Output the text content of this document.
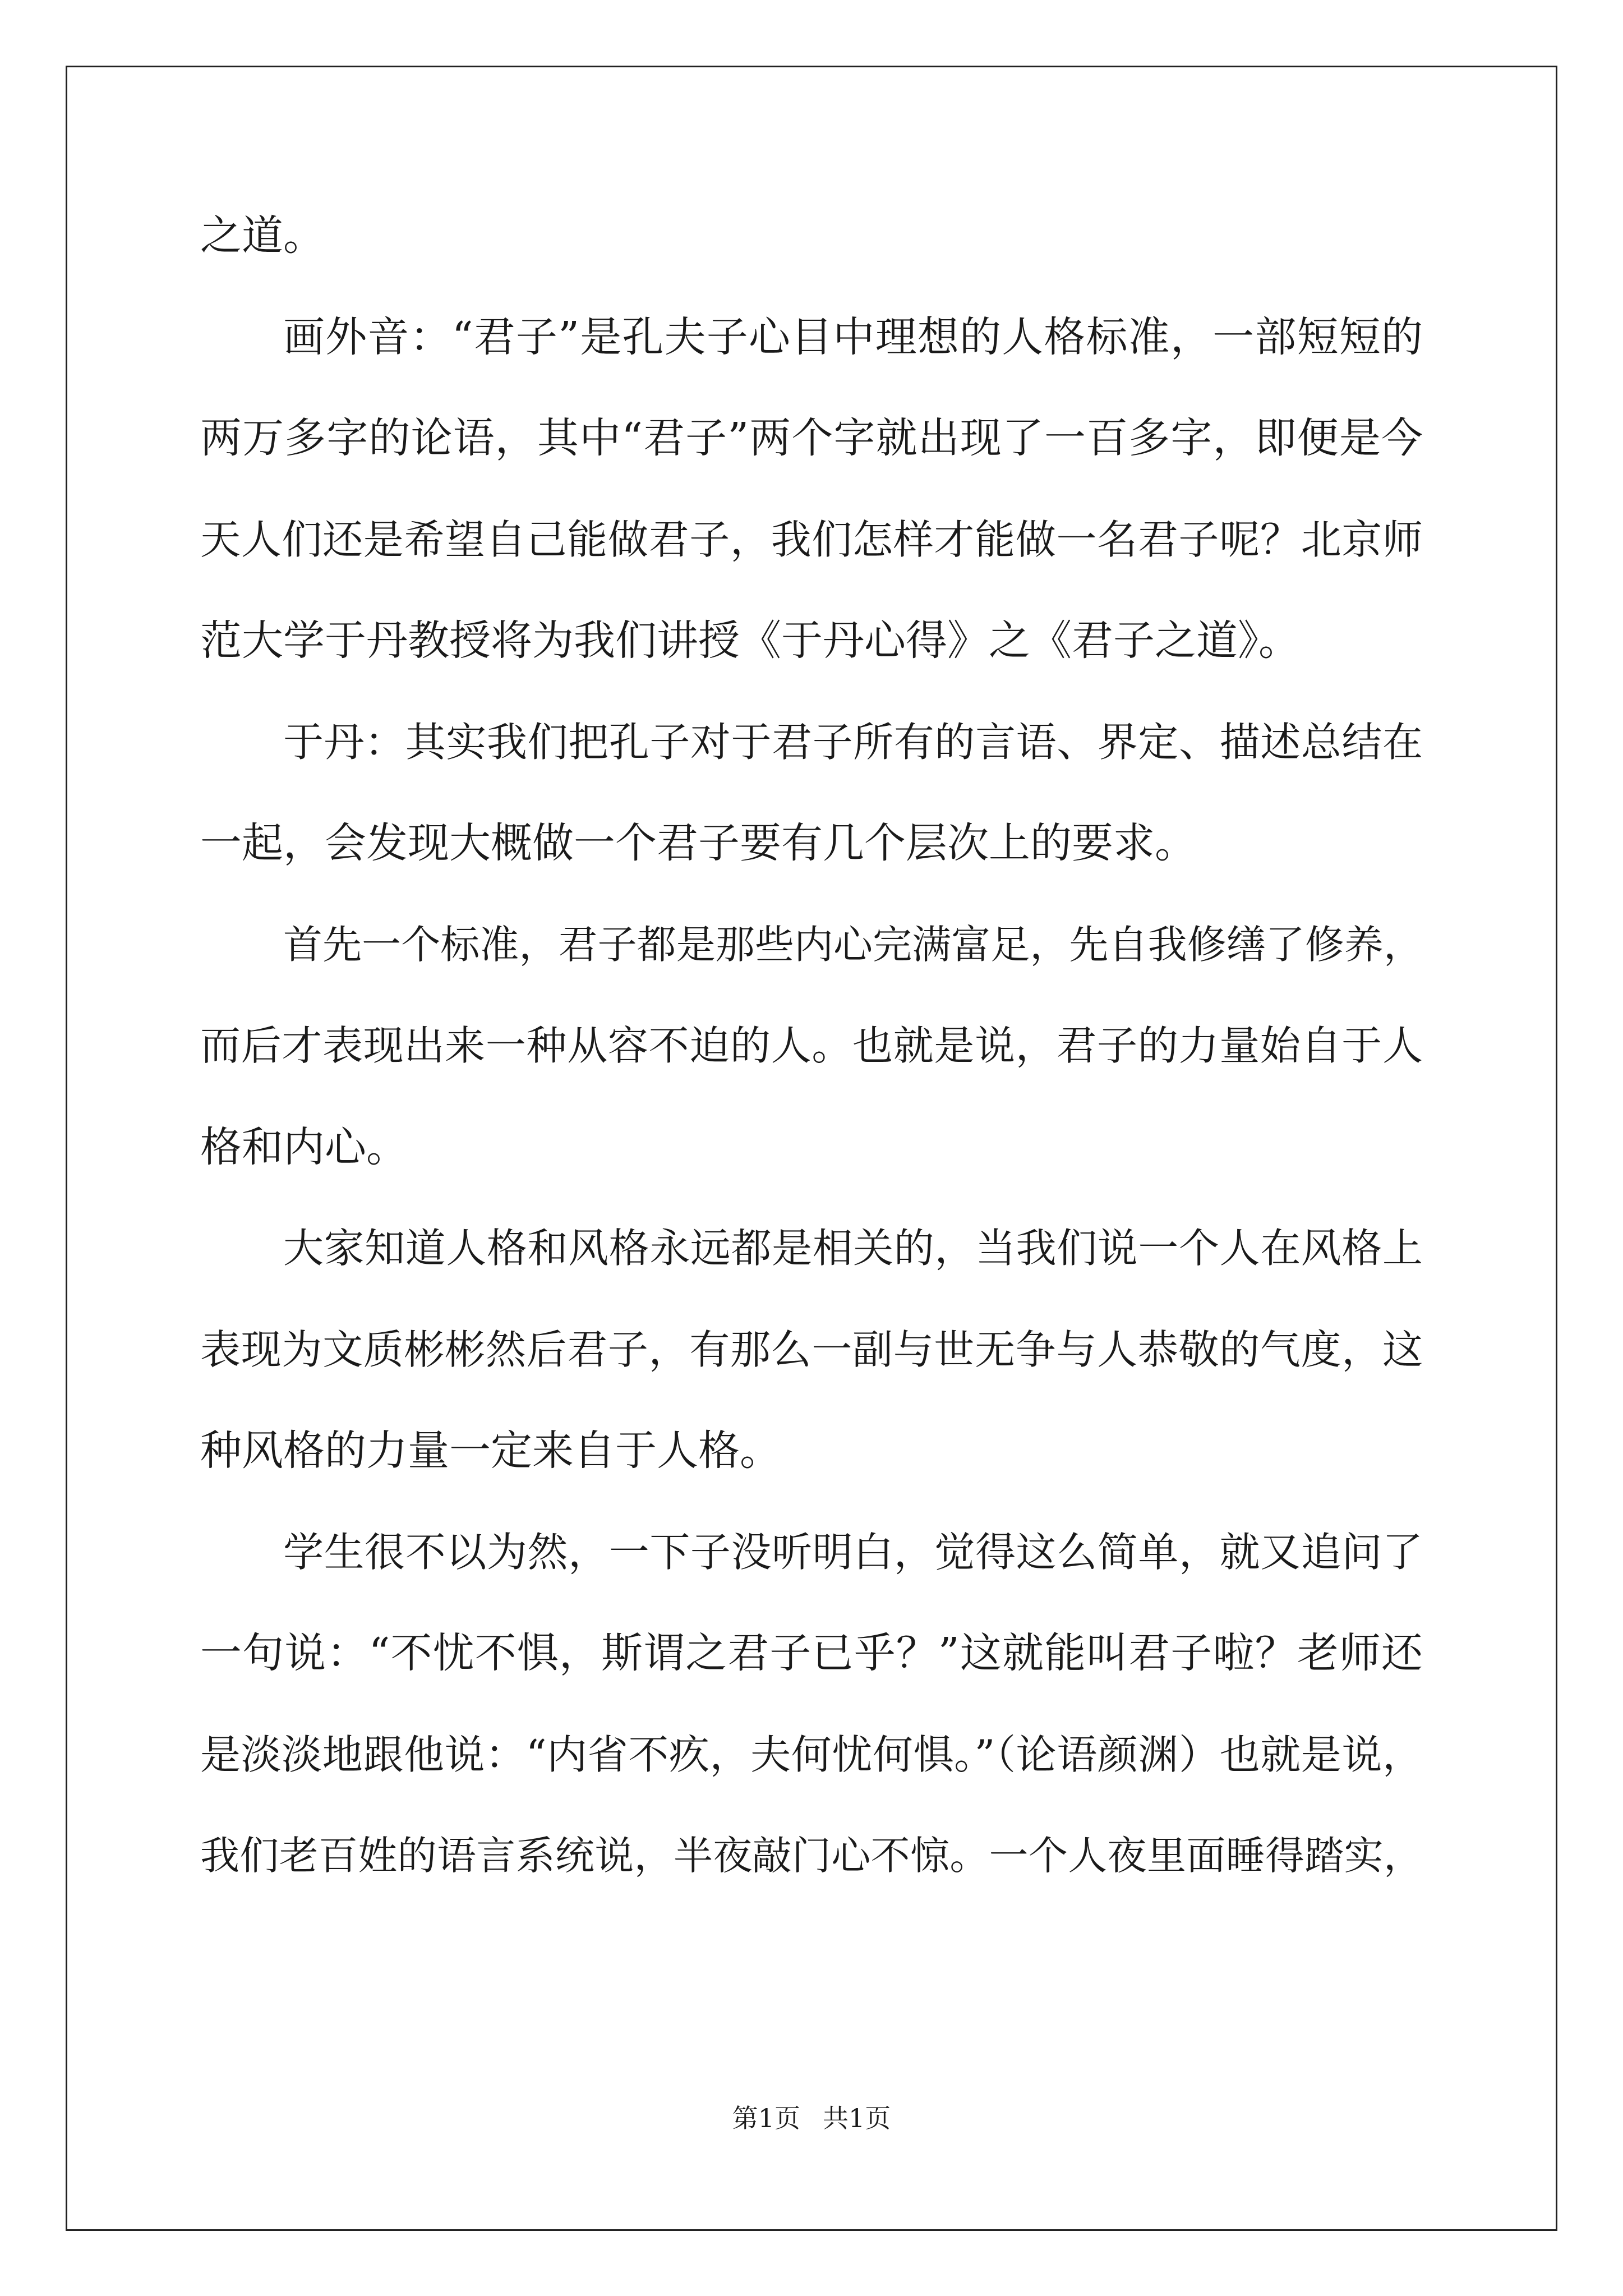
之道。
画外音：“君子”是孔夫子心目中理想的人格标准，一部短短的
两万多字的论语，其中“君子”两个字就出现了一百多字，即便是今
天人们还是希望自己能做君子，我们怎样才能做一名君子呢？北京师
范大学于丹教授将为我们讲授《于丹心得》之《君子之道》。
于丹：其实我们把孔子对于君子所有的言语、界定、描述总结在
一起，会发现大概做一个君子要有几个层次上的要求。
首先一个标准，君子都是那些内心完满富足，先自我修缮了修养，
而后才表现出来一种从容不迫的人。也就是说，君子的力量始自于人
格和内心。
大家知道人格和风格永远都是相关的，当我们说一个人在风格上
表现为文质彬彬然后君子，有那么一副与世无争与人恭敬的气度，这
种风格的力量一定来自于人格。
学生很不以为然，一下子没听明白，觉得这么简单，就又追问了
一句说：“不忧不惧，斯谓之君子已乎？”这就能叫君子啦？老师还
是淡淡地跟他说：“内省不疚，夫何忧何惧。”（论语颜渊）也就是说，
我们老百姓的语言系统说，半夜敲门心不惊。一个人夜里面睡得踏实，
第1页 共1页
